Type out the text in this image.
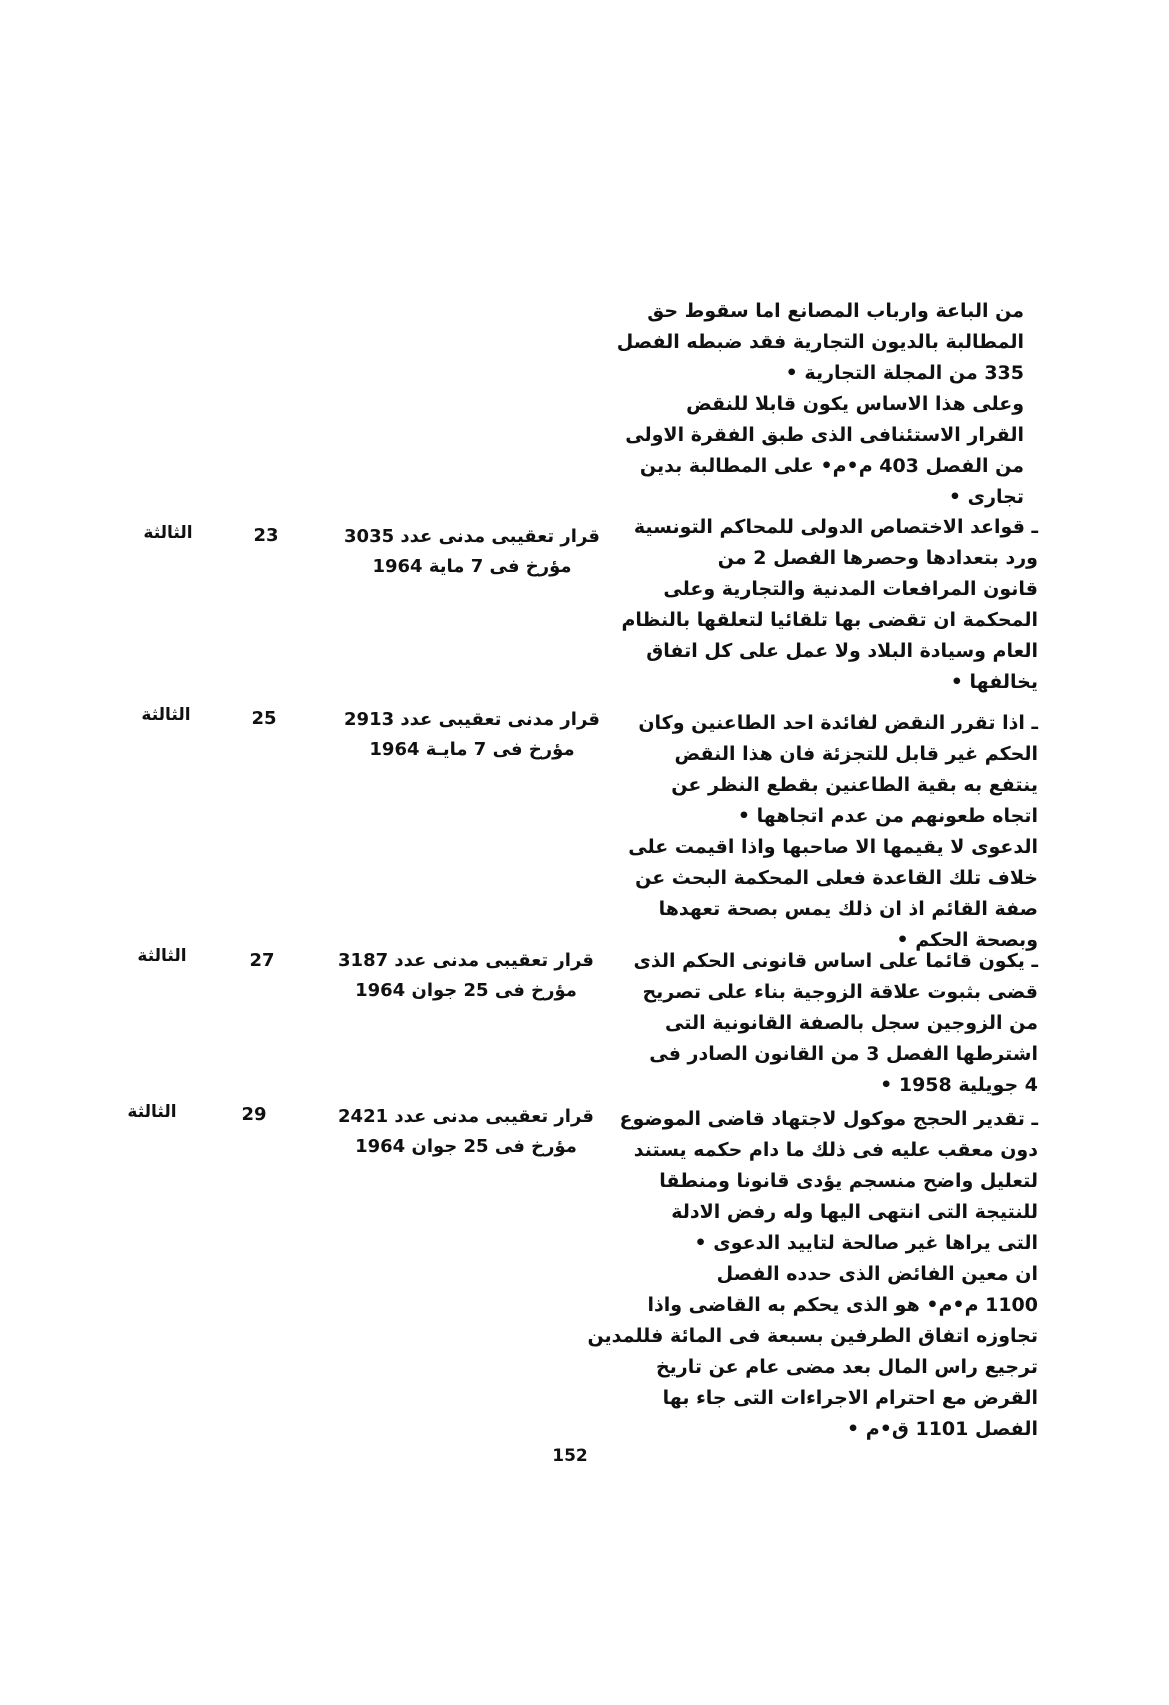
من الباعة وارباب المصانع اما سقوط حق
المطالبة بالديون التجارية فقد ضبطه الفصل
335 من المجلة التجارية •
وعلى هذا الاساس يكون قابلا للنقض
القرار الاستئنافى الذى طبق الفقرة الاولى
من الفصل 403 م•م• على المطالبة بدين
تجارى •
ـ قواعد الاختصاص الدولى للمحاكم التونسية
ورد بتعدادها وحصرها الفصل 2 من
قانون المرافعات المدنية والتجارية وعلى
المحكمة ان تقضى بها تلقائيا لتعلقها بالنظام
العام وسيادة البلاد ولا عمل على كل اتفاق
يخالفها •
قرار تعقيبى مدنى عدد 3035
مؤرخ فى 7 ماية 1964
23
الثالثة
ـ اذا تقرر النقض لفائدة احد الطاعنين وكان
الحكم غير قابل للتجزئة فان هذا النقض
ينتفع به بقية الطاعنين بقطع النظر عن
اتجاه طعونهم من عدم اتجاهها •
الدعوى لا يقيمها الا صاحبها واذا اقيمت على
خلاف تلك القاعدة فعلى المحكمة البحث عن
صفة القائم اذ ان ذلك يمس بصحة تعهدها
وبصحة الحكم •
قرار مدنى تعقيبى عدد 2913
مؤرخ فى 7 مايـة 1964
25
الثالثة
ـ يكون قائما على اساس قانونى الحكم الذى
قضى بثبوت علاقة الزوجية بناء على تصريح
من الزوجين سجل بالصفة القانونية التى
اشترطها الفصل 3 من القانون الصادر فى
4 جويلية 1958 •
قرار تعقيبى مدنى عدد 3187
مؤرخ فى 25 جوان 1964
27
الثالثة
ـ تقدير الحجج موكول لاجتهاد قاضى الموضوع
دون معقب عليه فى ذلك ما دام حكمه يستند
لتعليل واضح منسجم يؤدى قانونا ومنطقا
للنتيجة التى انتهى اليها وله رفض الادلة
التى يراها غير صالحة لتاييد الدعوى •
ان معين الفائض الذى حدده الفصل
1100 م•م• هو الذى يحكم به القاضى واذا
تجاوزه اتفاق الطرفين بسبعة فى المائة فللمدين
ترجيع راس المال بعد مضى عام عن تاريخ
القرض مع احترام الاجراءات التى جاء بها
الفصل 1101 ق•م •
قرار تعقيبى مدنى عدد 2421
مؤرخ فى 25 جوان 1964
29
الثالثة
152
